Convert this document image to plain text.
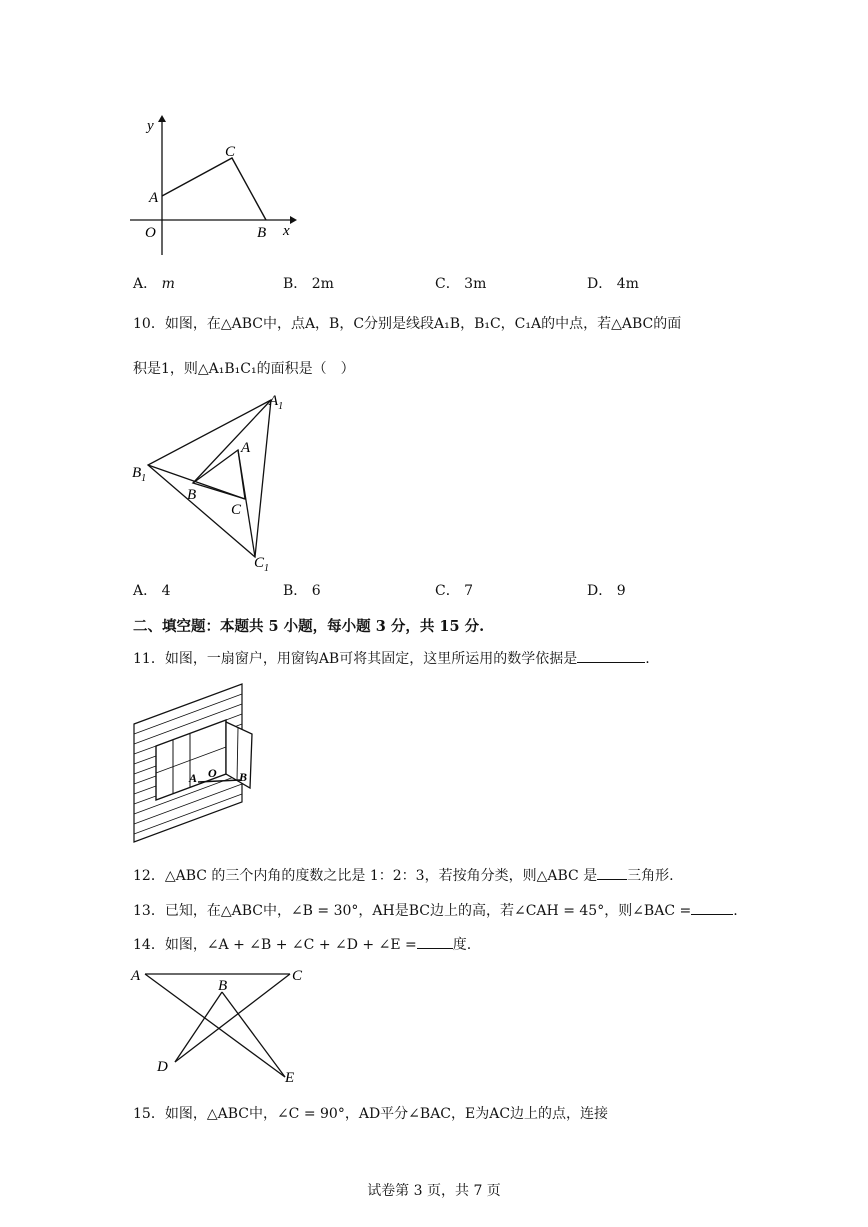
y
x
O
A
B
C
A． m	B． 2m	C． 3m	D． 4m
10．如图，在△ABC中，点A，B，C分别是线段A₁B，B₁C，C₁A的中点，若△ABC的面
积是1，则△A₁B₁C₁的面积是（　）
$A_1$
A
$B_1$
B
C
$C_1$
A． 4	B． 6	C． 7	D． 9
二、填空题：本题共 5 小题，每小题 3 分，共 15 分.
11．如图，一扇窗户，用窗钩AB可将其固定，这里所运用的数学依据是	.
A O B
12．△ABC 的三个内角的度数之比是 1：2：3，若按角分类，则△ABC 是 三角形.
13．已知，在△ABC中，∠B = 30°，AH是BC边上的高，若∠CAH = 45°，则∠BAC =	.
14．如图，∠A + ∠B + ∠C + ∠D + ∠E =	度.
A
B
C
D
E
15．如图，△ABC中，∠C = 90°，AD平分∠BAC，E为AC边上的点，连接
试卷第 3 页，共 7 页
